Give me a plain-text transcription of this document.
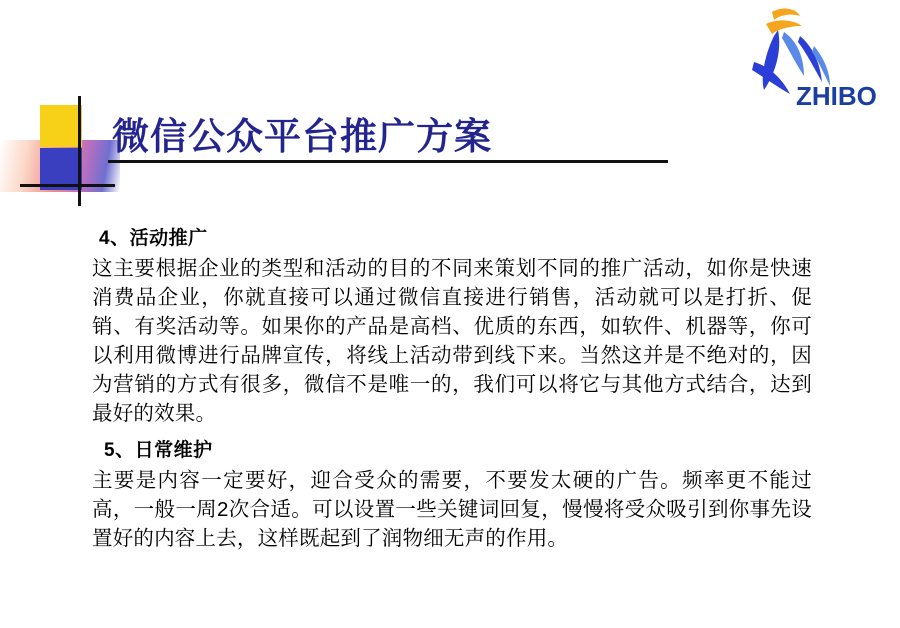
ZHIBO
微信公众平台推广方案
4、活动推广

这主要根据企业的类型和活动的目的不同来策划不同的推广活动，如你是快速消费品企业，你就直接可以通过微信直接进行销售，活动就可以是打折、促销、有奖活动等。如果你的产品是高档、优质的东西，如软件、机器等，你可以利用微博进行品牌宣传，将线上活动带到线下来。当然这并是不绝对的，因为营销的方式有很多，微信不是唯一的，我们可以将它与其他方式结合，达到最好的效果。

5、日常维护

主要是内容一定要好，迎合受众的需要，不要发太硬的广告。频率更不能过高，一般一周2次合适。可以设置一些关键词回复，慢慢将受众吸引到你事先设置好的内容上去，这样既起到了润物细无声的作用。
